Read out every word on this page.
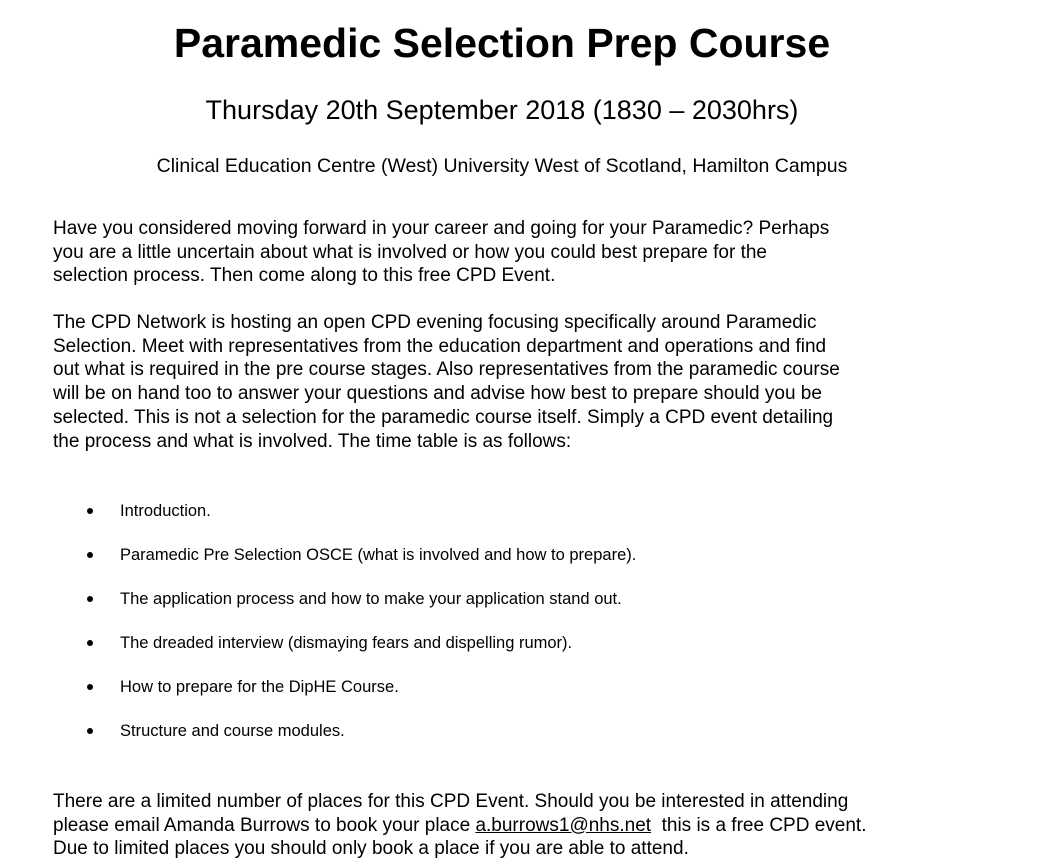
Paramedic Selection Prep Course
Thursday 20th September 2018 (1830 – 2030hrs)
Clinical Education Centre (West) University West of Scotland, Hamilton Campus

Have you considered moving forward in your career and going for your Paramedic? Perhaps
you are a little uncertain about what is involved or how you could best prepare for the
selection process. Then come along to this free CPD Event.

The CPD Network is hosting an open CPD evening focusing specifically around Paramedic
Selection. Meet with representatives from the education department and operations and find
out what is required in the pre course stages. Also representatives from the paramedic course
will be on hand too to answer your questions and advise how best to prepare should you be
selected. This is not a selection for the paramedic course itself. Simply a CPD event detailing
the process and what is involved. The time table is as follows:

Introduction.
Paramedic Pre Selection OSCE (what is involved and how to prepare).
The application process and how to make your application stand out.
The dreaded interview (dismaying fears and dispelling rumor).
How to prepare for the DipHE Course.
Structure and course modules.

There are a limited number of places for this CPD Event. Should you be interested in attending
please email Amanda Burrows to book your place a.burrows1@nhs.net  this is a free CPD event.
Due to limited places you should only book a place if you are able to attend.
